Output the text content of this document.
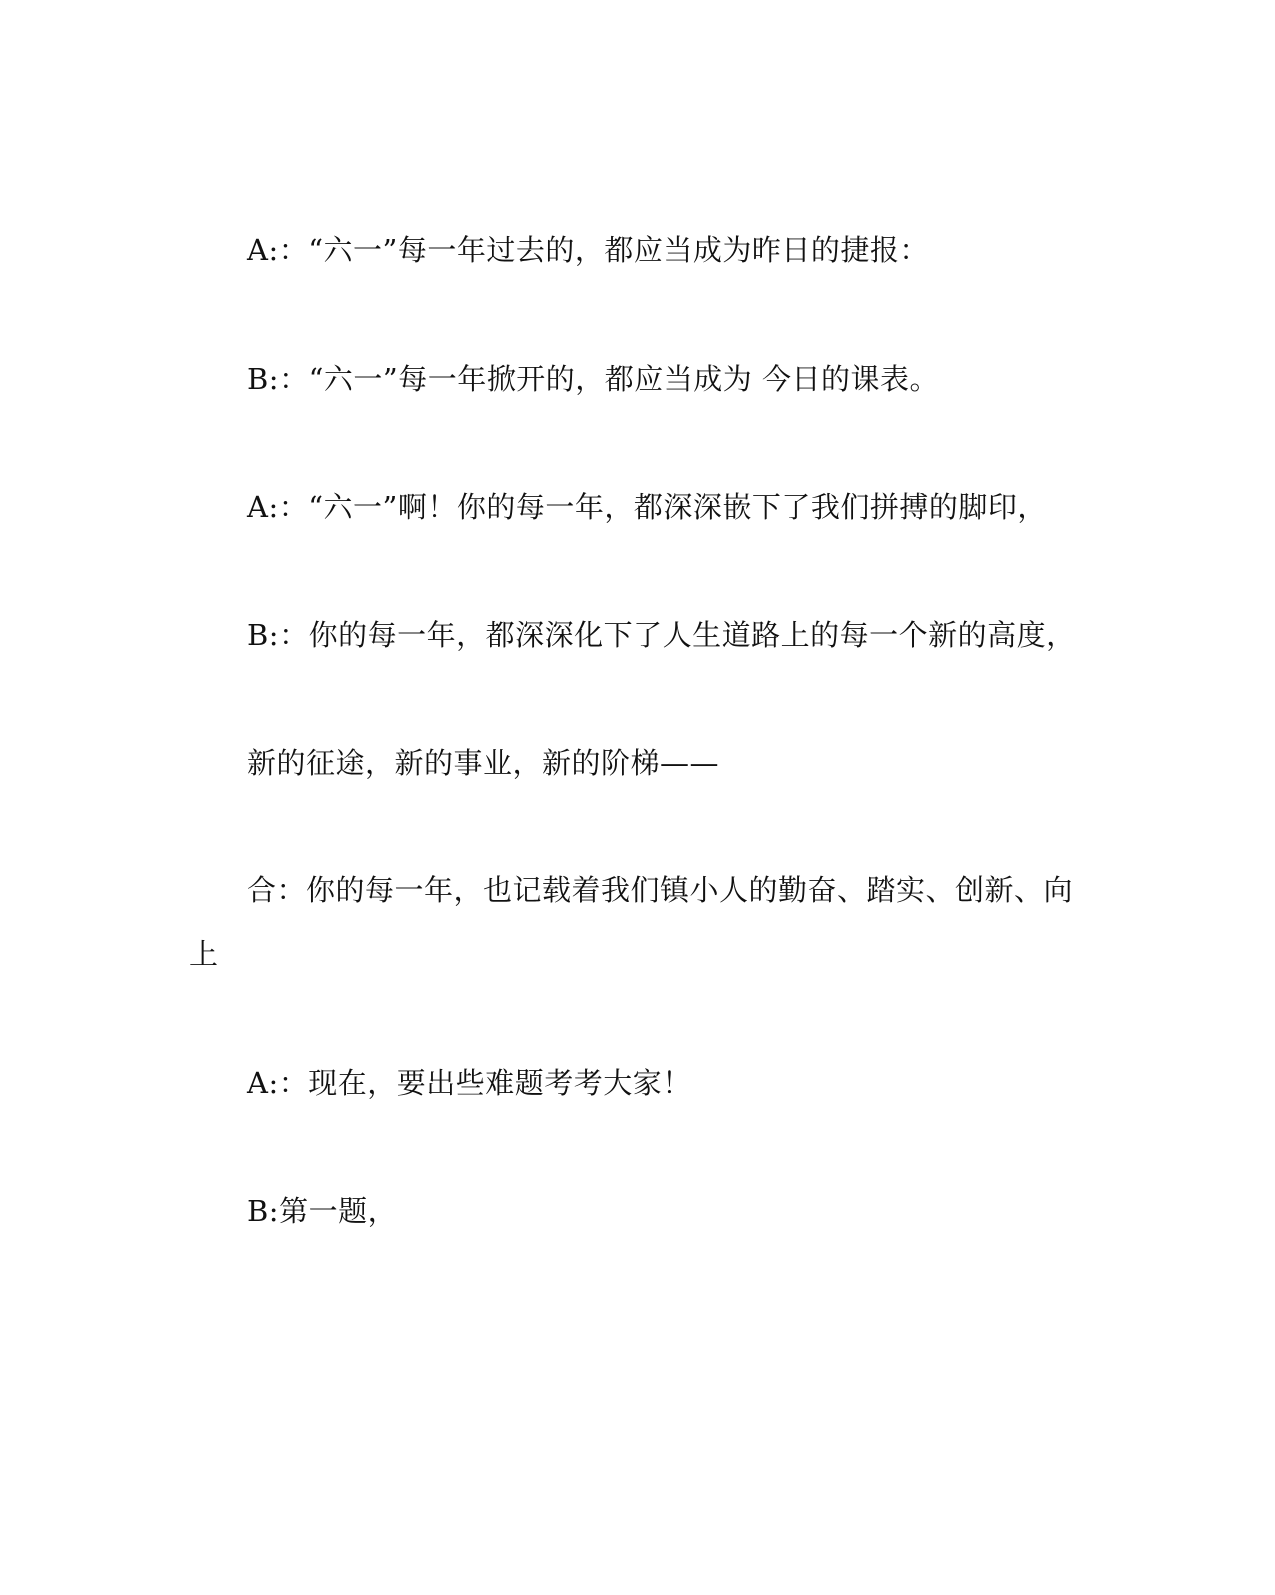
A:：“六一”每一年过去的，都应当成为昨日的捷报：
B:：“六一”每一年掀开的，都应当成为 今日的课表。
A:：“六一”啊！你的每一年，都深深嵌下了我们拼搏的脚印，
B:：你的每一年，都深深化下了人生道路上的每一个新的高度，
新的征途，新的事业，新的阶梯——
合：你的每一年，也记载着我们镇小人的勤奋、踏实、创新、向
上
A:：现在，要出些难题考考大家！
B:第一题，
